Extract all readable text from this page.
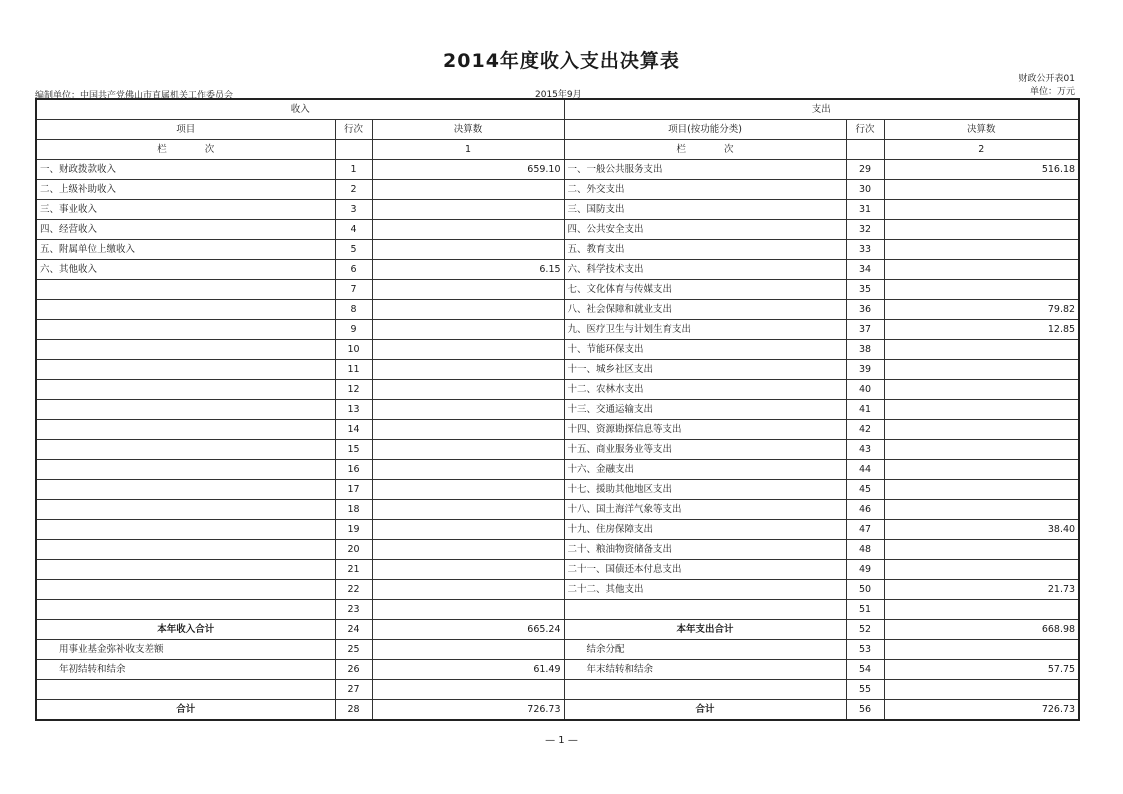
2014年度收入支出决算表
财政公开表01
单位：万元
编制单位：中国共产党佛山市直属机关工作委员会	2015年9月
收入			支出		
项目	行次	决算数	项目(按功能分类)	行次	决算数
栏　　　　次		1	栏　　　　次		2
一、财政拨款收入	1	659.10	一、一般公共服务支出	29	516.18
二、上级补助收入	2		二、外交支出	30	
三、事业收入	3		三、国防支出	31	
四、经营收入	4		四、公共安全支出	32	
五、附属单位上缴收入	5		五、教育支出	33	
六、其他收入	6	6.15	六、科学技术支出	34	
	7		七、文化体育与传媒支出	35	
	8		八、社会保障和就业支出	36	79.82
	9		九、医疗卫生与计划生育支出	37	12.85
	10		十、节能环保支出	38	
	11		十一、城乡社区支出	39	
	12		十二、农林水支出	40	
	13		十三、交通运输支出	41	
	14		十四、资源勘探信息等支出	42	
	15		十五、商业服务业等支出	43	
	16		十六、金融支出	44	
	17		十七、援助其他地区支出	45	
	18		十八、国土海洋气象等支出	46	
	19		十九、住房保障支出	47	38.40
	20		二十、粮油物资储备支出	48	
	21		二十一、国债还本付息支出	49	
	22		二十二、其他支出	50	21.73
	23			51	
本年收入合计	24	665.24	本年支出合计	52	668.98
用事业基金弥补收支差额	25		结余分配	53	
年初结转和结余	26	61.49	年末结转和结余	54	57.75
	27			55	
合计	28	726.73	合计	56	726.73
— 1 —
